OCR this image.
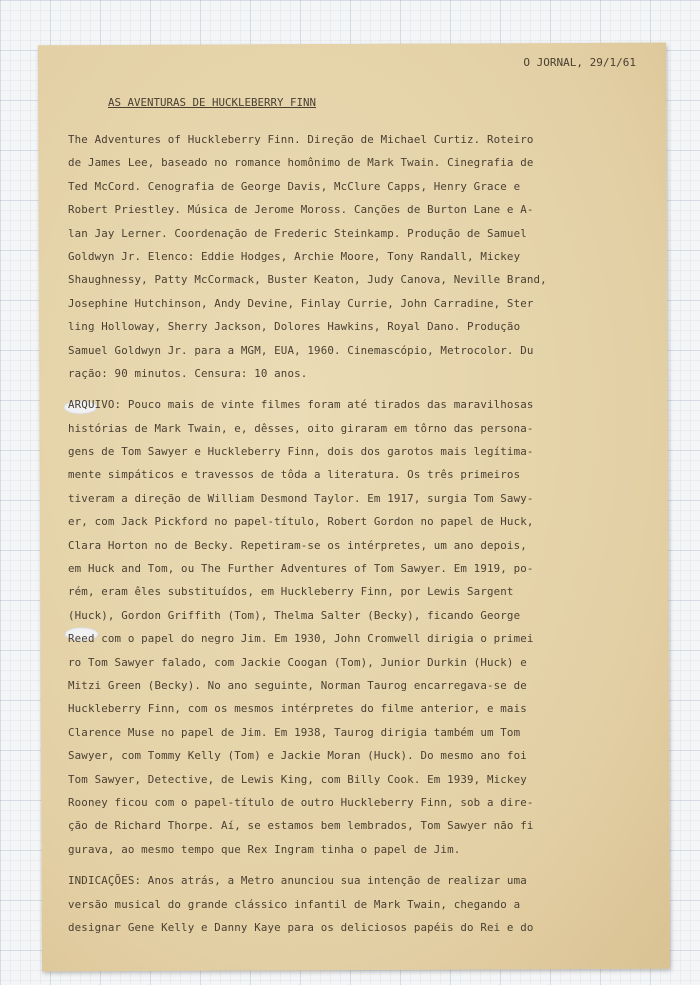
O JORNAL, 29/1/61
AS AVENTURAS DE HUCKLEBERRY FINN
The Adventures of Huckleberry Finn. Direção de Michael Curtiz. Roteiro
de James Lee, baseado no romance homônimo de Mark Twain. Cinegrafia de
Ted McCord. Cenografia de George Davis, McClure Capps, Henry Grace e
Robert Priestley. Música de Jerome Moross. Canções de Burton Lane e A-
lan Jay Lerner. Coordenação de Frederic Steinkamp. Produção de Samuel
Goldwyn Jr. Elenco: Eddie Hodges, Archie Moore, Tony Randall, Mickey
Shaughnessy, Patty McCormack, Buster Keaton, Judy Canova, Neville Brand,
Josephine Hutchinson, Andy Devine, Finlay Currie, John Carradine, Ster
ling Holloway, Sherry Jackson, Dolores Hawkins, Royal Dano. Produção
Samuel Goldwyn Jr. para a MGM, EUA, 1960. Cinemascópio, Metrocolor. Du
ração: 90 minutos. Censura: 10 anos.
ARQUIVO: Pouco mais de vinte filmes foram até tirados das maravilhosas
histórias de Mark Twain, e, dêsses, oito giraram em tôrno das persona-
gens de Tom Sawyer e Huckleberry Finn, dois dos garotos mais legítima-
mente simpáticos e travessos de tôda a literatura. Os três primeiros
tiveram a direção de William Desmond Taylor. Em 1917, surgia Tom Sawy-
er, com Jack Pickford no papel-título, Robert Gordon no papel de Huck,
Clara Horton no de Becky. Repetiram-se os intérpretes, um ano depois,
em Huck and Tom, ou The Further Adventures of Tom Sawyer. Em 1919, po-
rém, eram êles substituídos, em Huckleberry Finn, por Lewis Sargent
(Huck), Gordon Griffith (Tom), Thelma Salter (Becky), ficando George
Reed com o papel do negro Jim. Em 1930, John Cromwell dirigia o primei
ro Tom Sawyer falado, com Jackie Coogan (Tom), Junior Durkin (Huck) e
Mitzi Green (Becky). No ano seguinte, Norman Taurog encarregava-se de
Huckleberry Finn, com os mesmos intérpretes do filme anterior, e mais
Clarence Muse no papel de Jim. Em 1938, Taurog dirigia também um Tom
Sawyer, com Tommy Kelly (Tom) e Jackie Moran (Huck). Do mesmo ano foi
Tom Sawyer, Detective, de Lewis King, com Billy Cook. Em 1939, Mickey
Rooney ficou com o papel-título de outro Huckleberry Finn, sob a dire-
ção de Richard Thorpe. Aí, se estamos bem lembrados, Tom Sawyer não fi
gurava, ao mesmo tempo que Rex Ingram tinha o papel de Jim.
INDICAÇÕES: Anos atrás, a Metro anunciou sua intenção de realizar uma
versão musical do grande clássico infantil de Mark Twain, chegando a
designar Gene Kelly e Danny Kaye para os deliciosos papéis do Rei e do
